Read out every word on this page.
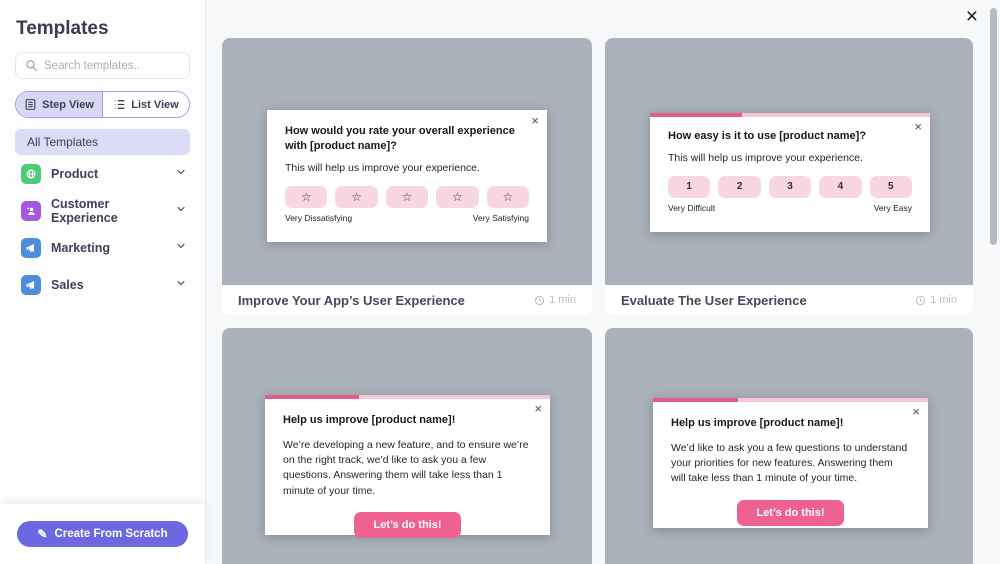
Templates
Search templates..
Step View	List View
All Templates
Product
Customer Experience
Marketing
Sales
✎ Create From Scratch
×
×
How would you rate your overall experience with [product name]?
This will help us improve your experience.
☆	☆	☆	☆	☆
Very Dissatisfying	Very Satisfying
Improve Your App’s User Experience	1 min
×
How easy is it to use [product name]?
This will help us improve your experience.
1	2	3	4	5
Very Difficult	Very Easy
Evaluate The User Experience	1 min
×
Help us improve [product name]!
We’re developing a new feature, and to ensure we’re on the right track, we’d like to ask you a few questions. Answering them will take less than 1 minute of your time.
Let’s do this!
×
Help us improve [product name]!
We’d like to ask you a few questions to understand your priorities for new features. Answering them will take less than 1 minute of your time.
Let’s do this!
